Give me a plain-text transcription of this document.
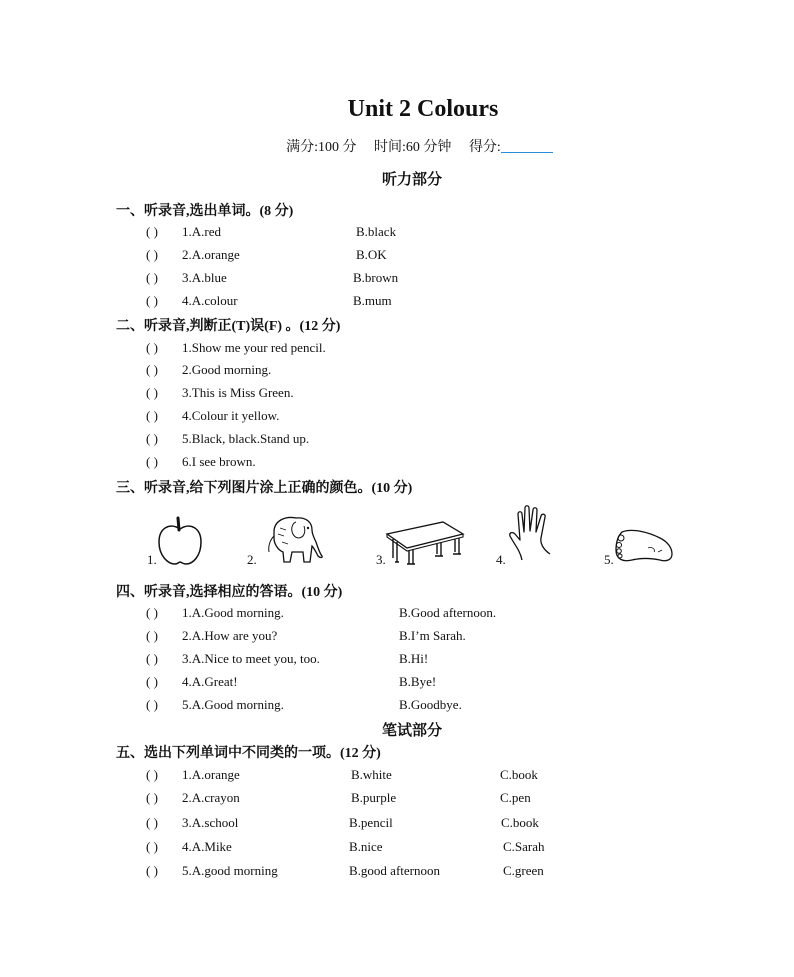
Unit 2 Colours
满分:100 分 时间:60 分钟 得分:
听力部分
一、听录音,选出单词。(8 分)
( ) 1.A.red	B.black
( ) 2.A.orange	B.OK
( ) 3.A.blue	B.brown
( ) 4.A.colour	B.mum
二、听录音,判断正(T)误(F) 。(12 分)
( ) 1.Show me your red pencil.
( ) 2.Good morning.
( ) 3.This is Miss Green.
( ) 4.Colour it yellow.
( ) 5.Black, black.Stand up.
( ) 6.I see brown.
三、听录音,给下列图片涂上正确的颜色。(10 分)
1.	2.	3.	4.	5.
四、听录音,选择相应的答语。(10 分)
( ) 1.A.Good morning.	B.Good afternoon.
( ) 2.A.How are you?	B.I’m Sarah.
( ) 3.A.Nice to meet you, too.	B.Hi!
( ) 4.A.Great!	B.Bye!
( ) 5.A.Good morning.	B.Goodbye.
笔试部分
五、选出下列单词中不同类的一项。(12 分)
( ) 1.A.orange	B.white	C.book
( ) 2.A.crayon	B.purple	C.pen
( ) 3.A.school	B.pencil	C.book
( ) 4.A.Mike	B.nice	C.Sarah
( ) 5.A.good morning	B.good afternoon	C.green
